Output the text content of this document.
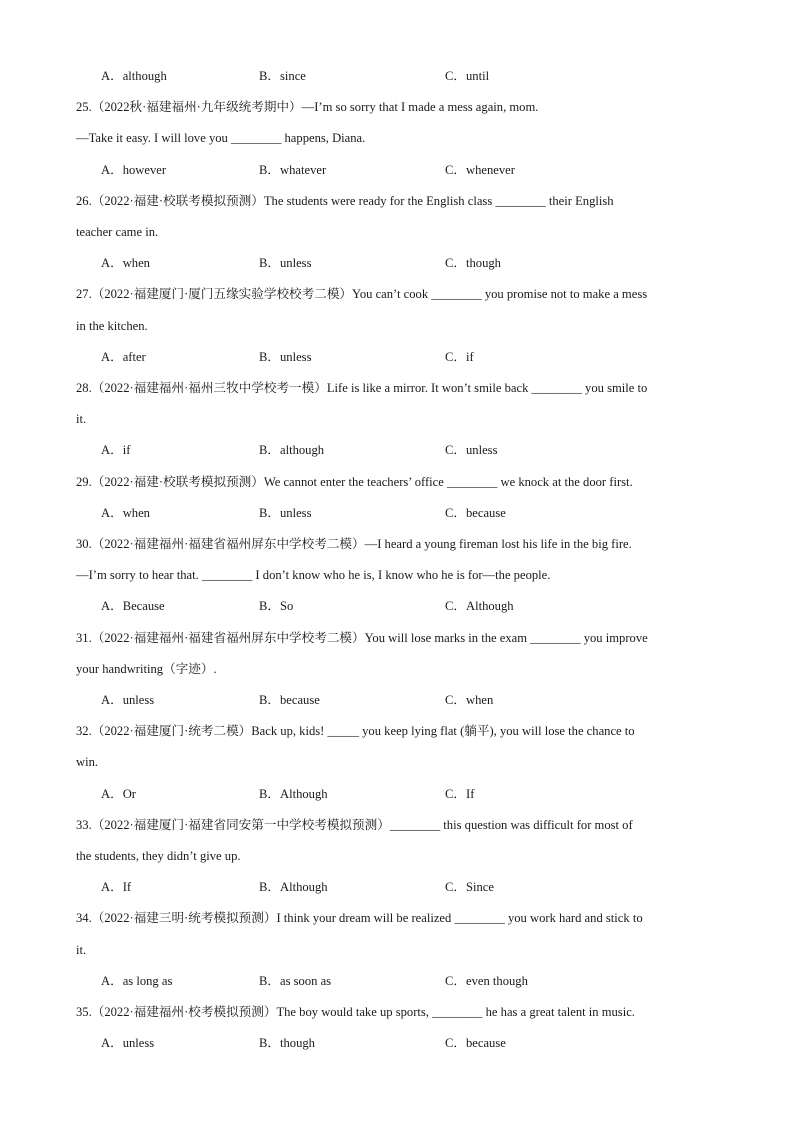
A．although	B．since	C．until
25.（2022秋·福建福州·九年级统考期中）—I’m so sorry that I made a mess again, mom.
—Take it easy. I will love you ________ happens, Diana.
A．however	B．whatever	C．whenever
26.（2022·福建·校联考模拟预测）The students were ready for the English class ________ their English
teacher came in.
A．when	B．unless	C．though
27.（2022·福建厦门·厦门五缘实验学校校考二模）You can’t cook ________ you promise not to make a mess
in the kitchen.
A．after	B．unless	C．if
28.（2022·福建福州·福州三牧中学校考一模）Life is like a mirror. It won’t smile back ________ you smile to
it.
A．if	B．although	C．unless
29.（2022·福建·校联考模拟预测）We cannot enter the teachers’ office ________ we knock at the door first.
A．when	B．unless	C．because
30.（2022·福建福州·福建省福州屏东中学校考二模）—I heard a young fireman lost his life in the big fire.
—I’m sorry to hear that. ________ I don’t know who he is, I know who he is for—the people.
A．Because	B．So	C．Although
31.（2022·福建福州·福建省福州屏东中学校考二模）You will lose marks in the exam ________ you improve
your handwriting（字迹）.
A．unless	B．because	C．when
32.（2022·福建厦门·统考二模）Back up, kids! _____ you keep lying flat (躺平), you will lose the chance to
win.
A．Or	B．Although	C．If
33.（2022·福建厦门·福建省同安第一中学校考模拟预测）________ this question was difficult for most of
the students, they didn’t give up.
A．If	B．Although	C．Since
34.（2022·福建三明·统考模拟预测）I think your dream will be realized ________ you work hard and stick to
it.
A．as long as	B．as soon as	C．even though
35.（2022·福建福州·校考模拟预测）The boy would take up sports, ________ he has a great talent in music.
A．unless	B．though	C．because
